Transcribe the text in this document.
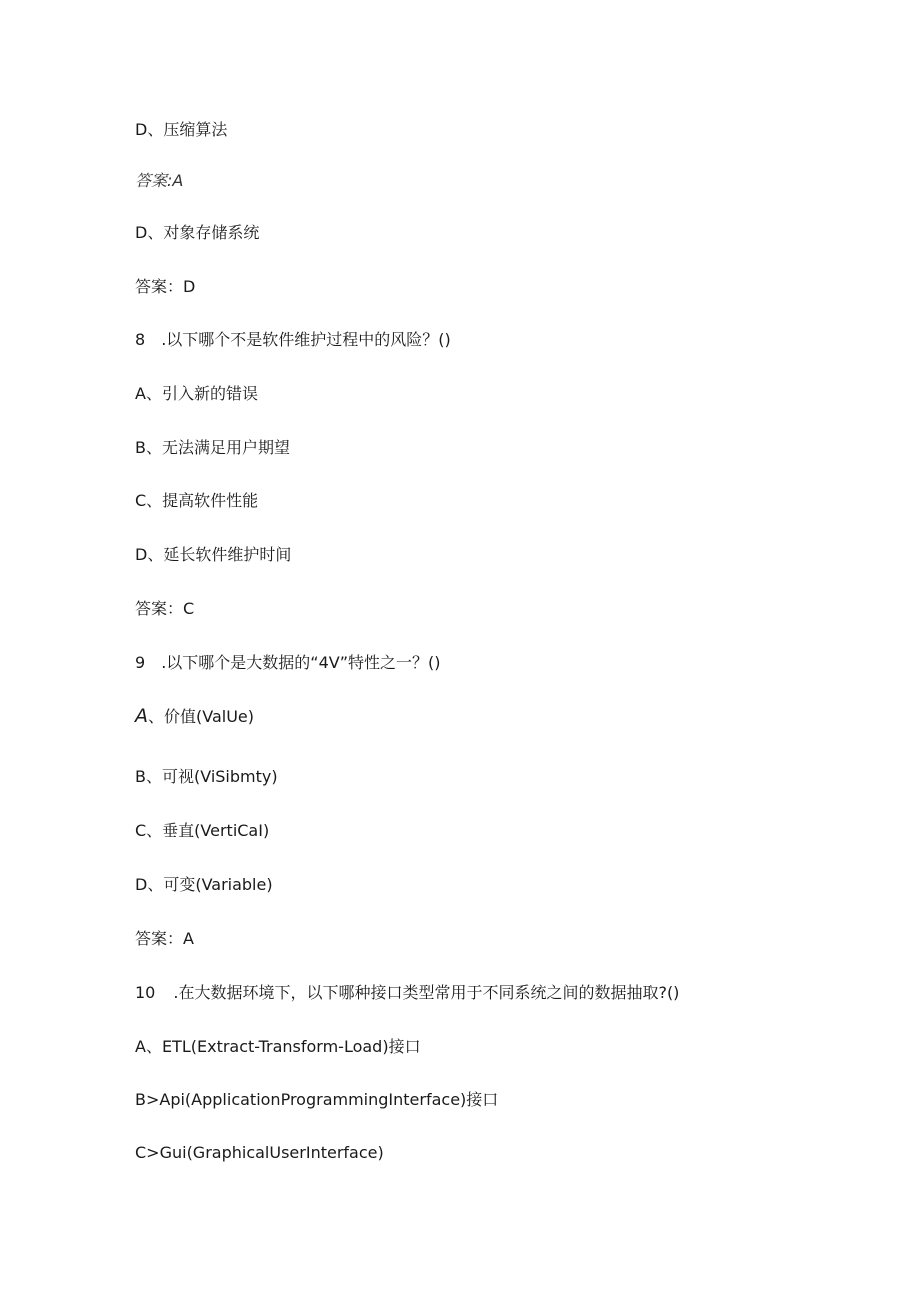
D、压缩算法
答案:A
D、对象存储系统
答案：D
8 .以下哪个不是软件维护过程中的风险？()
A、引入新的错误
B、无法满足用户期望
C、提高软件性能
D、延长软件维护时间
答案：C
9 .以下哪个是大数据的“4V”特性之一？()
A、价值(ValUe)
B、可视(ViSibmty)
C、垂直(VertiCaI)
D、可变(Variable)
答案：A
10 .在大数据环境下，以下哪种接口类型常用于不同系统之间的数据抽取?()
A、ETL(Extract-Transform-Load)接口
B>Api(ApplicationProgrammingInterface)接口
C>Gui(GraphicalUserInterface)
